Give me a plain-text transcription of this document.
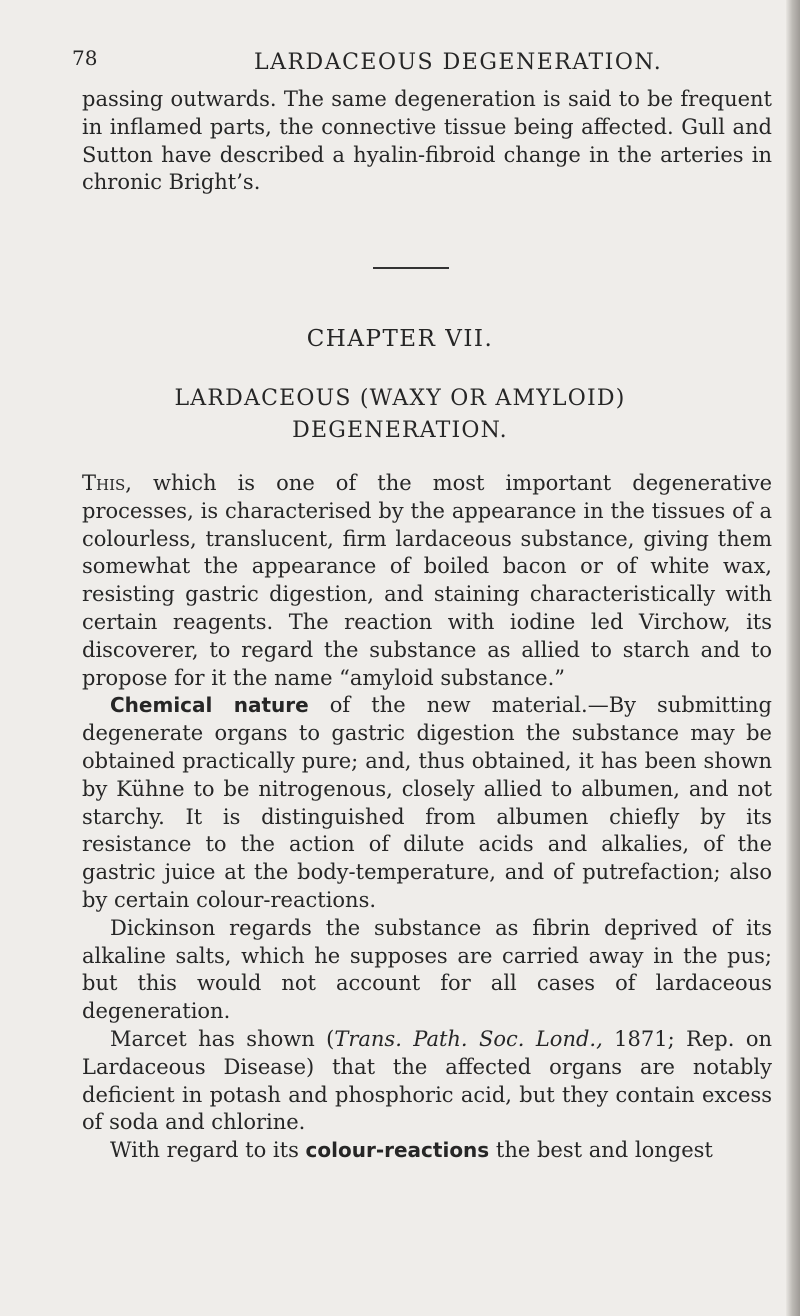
78	LARDACEOUS DEGENERATION.

passing outwards. The same degeneration is said to be frequent in inflamed parts, the connective tissue being affected. Gull and Sutton have described a hyalin-fibroid change in the arteries in chronic Bright’s.

CHAPTER VII.
LARDACEOUS (WAXY OR AMYLOID)
DEGENERATION.

This, which is one of the most important degenerative processes, is characterised by the appearance in the tissues of a colourless, translucent, firm lardaceous substance, giving them somewhat the appearance of boiled bacon or of white wax, resisting gastric digestion, and staining characteristically with certain reagents. The reaction with iodine led Virchow, its discoverer, to regard the substance as allied to starch and to propose for it the name “amyloid substance.”

Chemical nature of the new material.—By submitting degenerate organs to gastric digestion the substance may be obtained practically pure; and, thus obtained, it has been shown by Kühne to be nitrogenous, closely allied to albumen, and not starchy. It is distinguished from albumen chiefly by its resistance to the action of dilute acids and alkalies, of the gastric juice at the body-temperature, and of putrefaction; also by certain colour-reactions.

Dickinson regards the substance as fibrin deprived of its alkaline salts, which he supposes are carried away in the pus; but this would not account for all cases of lardaceous degeneration.

Marcet has shown (Trans. Path. Soc. Lond., 1871; Rep. on Lardaceous Disease) that the affected organs are notably deficient in potash and phosphoric acid, but they contain excess of soda and chlorine.

With regard to its colour-reactions the best and longest
